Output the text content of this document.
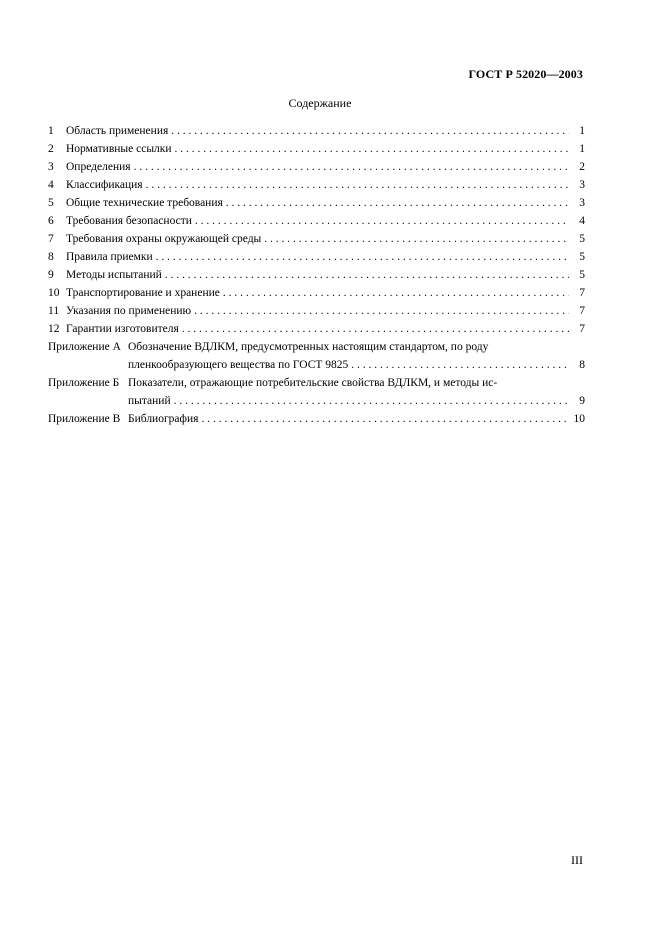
ГОСТ Р 52020—2003
Содержание
1	Область применения . . .	1
2	Нормативные ссылки . . .	1
3	Определения . . .	2
4	Классификация . . .	3
5	Общие технические требования . . .	3
6	Требования безопасности . . .	4
7	Требования охраны окружающей среды . . .	5
8	Правила приемки . . .	5
9	Методы испытаний . . .	5
10 Транспортирование и хранение . . .	7
11 Указания по применению . . .	7
12 Гарантии изготовителя . . .	7
Приложение А Обозначение ВДЛКМ, предусмотренных настоящим стандартом, по роду
пленкообразующего вещества по ГОСТ 9825 . . .	8
Приложение Б Показатели, отражающие потребительские свойства ВДЛКМ, и методы ис-
пытаний . . .	9
Приложение В Библиография . . .	10
III
